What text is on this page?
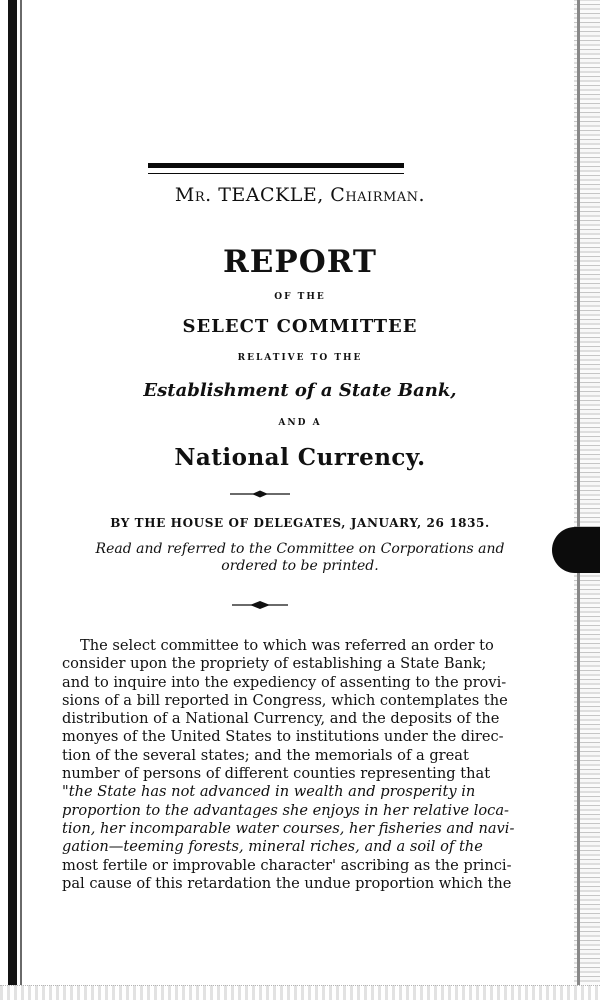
Mr. TEACKLE, Chairman.
REPORT
OF THE
SELECT COMMITTEE
RELATIVE TO THE
Establishment of a State Bank,
AND A
National Currency.
BY THE HOUSE OF DELEGATES, JANUARY, 26 1835.
Read and referred to the Committee on Corporations and
ordered to be printed.
The select committee to which was referred an order to
consider upon the propriety of establishing a State Bank;
and to inquire into the expediency of assenting to the provi-
sions of a bill reported in Congress, which contemplates the
distribution of a National Currency, and the deposits of the
monyes of the United States to institutions under the direc-
tion of the several states; and the memorials of a great
number of persons of different counties representing that
"the State has not advanced in wealth and prosperity in
proportion to the advantages she enjoys in her relative loca-
tion, her incomparable water courses, her fisheries and navi-
gation—teeming forests, mineral riches, and a soil of the
most fertile or improvable character' ascribing as the princi-
pal cause of this retardation the undue proportion which the
